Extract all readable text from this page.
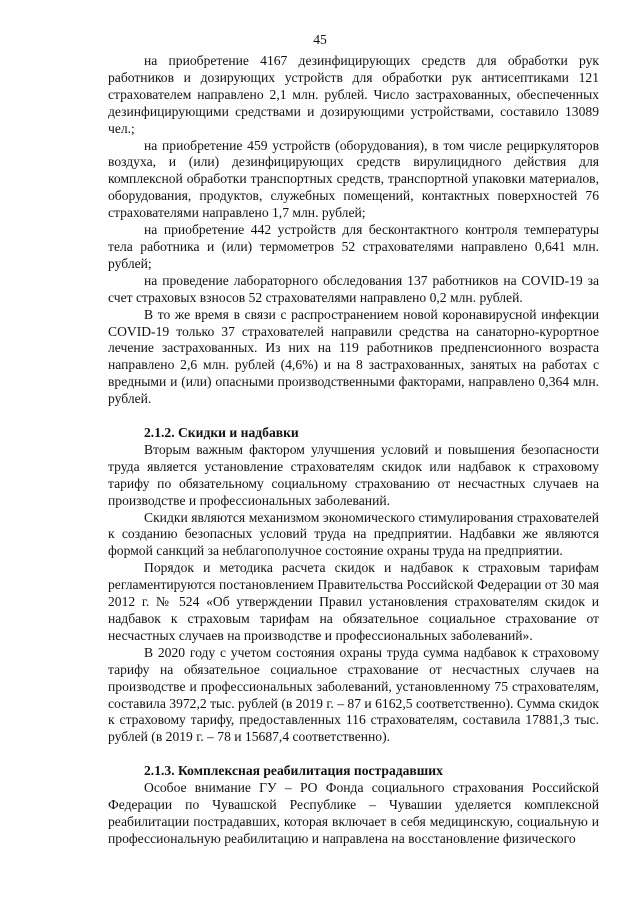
45

на приобретение 4167 дезинфицирующих средств для обработки рук работников и дозирующих устройств для обработки рук антисептиками 121 страхователем направлено 2,1 млн. рублей. Число застрахованных, обеспеченных дезинфицирующими средствами и дозирующими устройствами, составило 13089 чел.;

на приобретение 459 устройств (оборудования), в том числе рециркуляторов воздуха, и (или) дезинфицирующих средств вирулицидного действия для комплексной обработки транспортных средств, транспортной упаковки материалов, оборудования, продуктов, служебных помещений, контактных поверхностей 76 страхователями направлено 1,7 млн. рублей;

на приобретение 442 устройств для бесконтактного контроля температуры тела работника и (или) термометров 52 страхователями направлено 0,641 млн. рублей;

на проведение лабораторного обследования 137 работников на COVID-19 за счет страховых взносов 52 страхователями направлено 0,2 млн. рублей.

В то же время в связи с распространением новой коронавирусной инфекции COVID-19 только 37 страхователей направили средства на санаторно-курортное лечение застрахованных. Из них на 119 работников предпенсионного возраста направлено 2,6 млн. рублей (4,6%) и на 8 застрахованных, занятых на работах с вредными и (или) опасными производственными факторами, направлено 0,364 млн. рублей.

2.1.2. Скидки и надбавки

Вторым важным фактором улучшения условий и повышения безопасности труда является установление страхователям скидок или надбавок к страховому тарифу по обязательному социальному страхованию от несчастных случаев на производстве и профессиональных заболеваний.

Скидки являются механизмом экономического стимулирования страхователей к созданию безопасных условий труда на предприятии. Надбавки же являются формой санкций за неблагополучное состояние охраны труда на предприятии.

Порядок и методика расчета скидок и надбавок к страховым тарифам регламентируются постановлением Правительства Российской Федерации от 30 мая 2012 г. № 524 «Об утверждении Правил установления страхователям скидок и надбавок к страховым тарифам на обязательное социальное страхование от несчастных случаев на производстве и профессиональных заболеваний».

В 2020 году с учетом состояния охраны труда сумма надбавок к страховому тарифу на обязательное социальное страхование от несчастных случаев на производстве и профессиональных заболеваний, установленному 75 страхователям, составила 3972,2 тыс. рублей (в 2019 г. – 87 и 6162,5 соответственно). Сумма скидок к страховому тарифу, предоставленных 116 страхователям, составила 17881,3 тыс. рублей (в 2019 г. – 78 и 15687,4 соответственно).

2.1.3. Комплексная реабилитация пострадавших

Особое внимание ГУ – РО Фонда социального страхования Российской Федерации по Чувашской Республике – Чувашии уделяется комплексной реабилитации пострадавших, которая включает в себя медицинскую, социальную и профессиональную реабилитацию и направлена на восстановление физического
